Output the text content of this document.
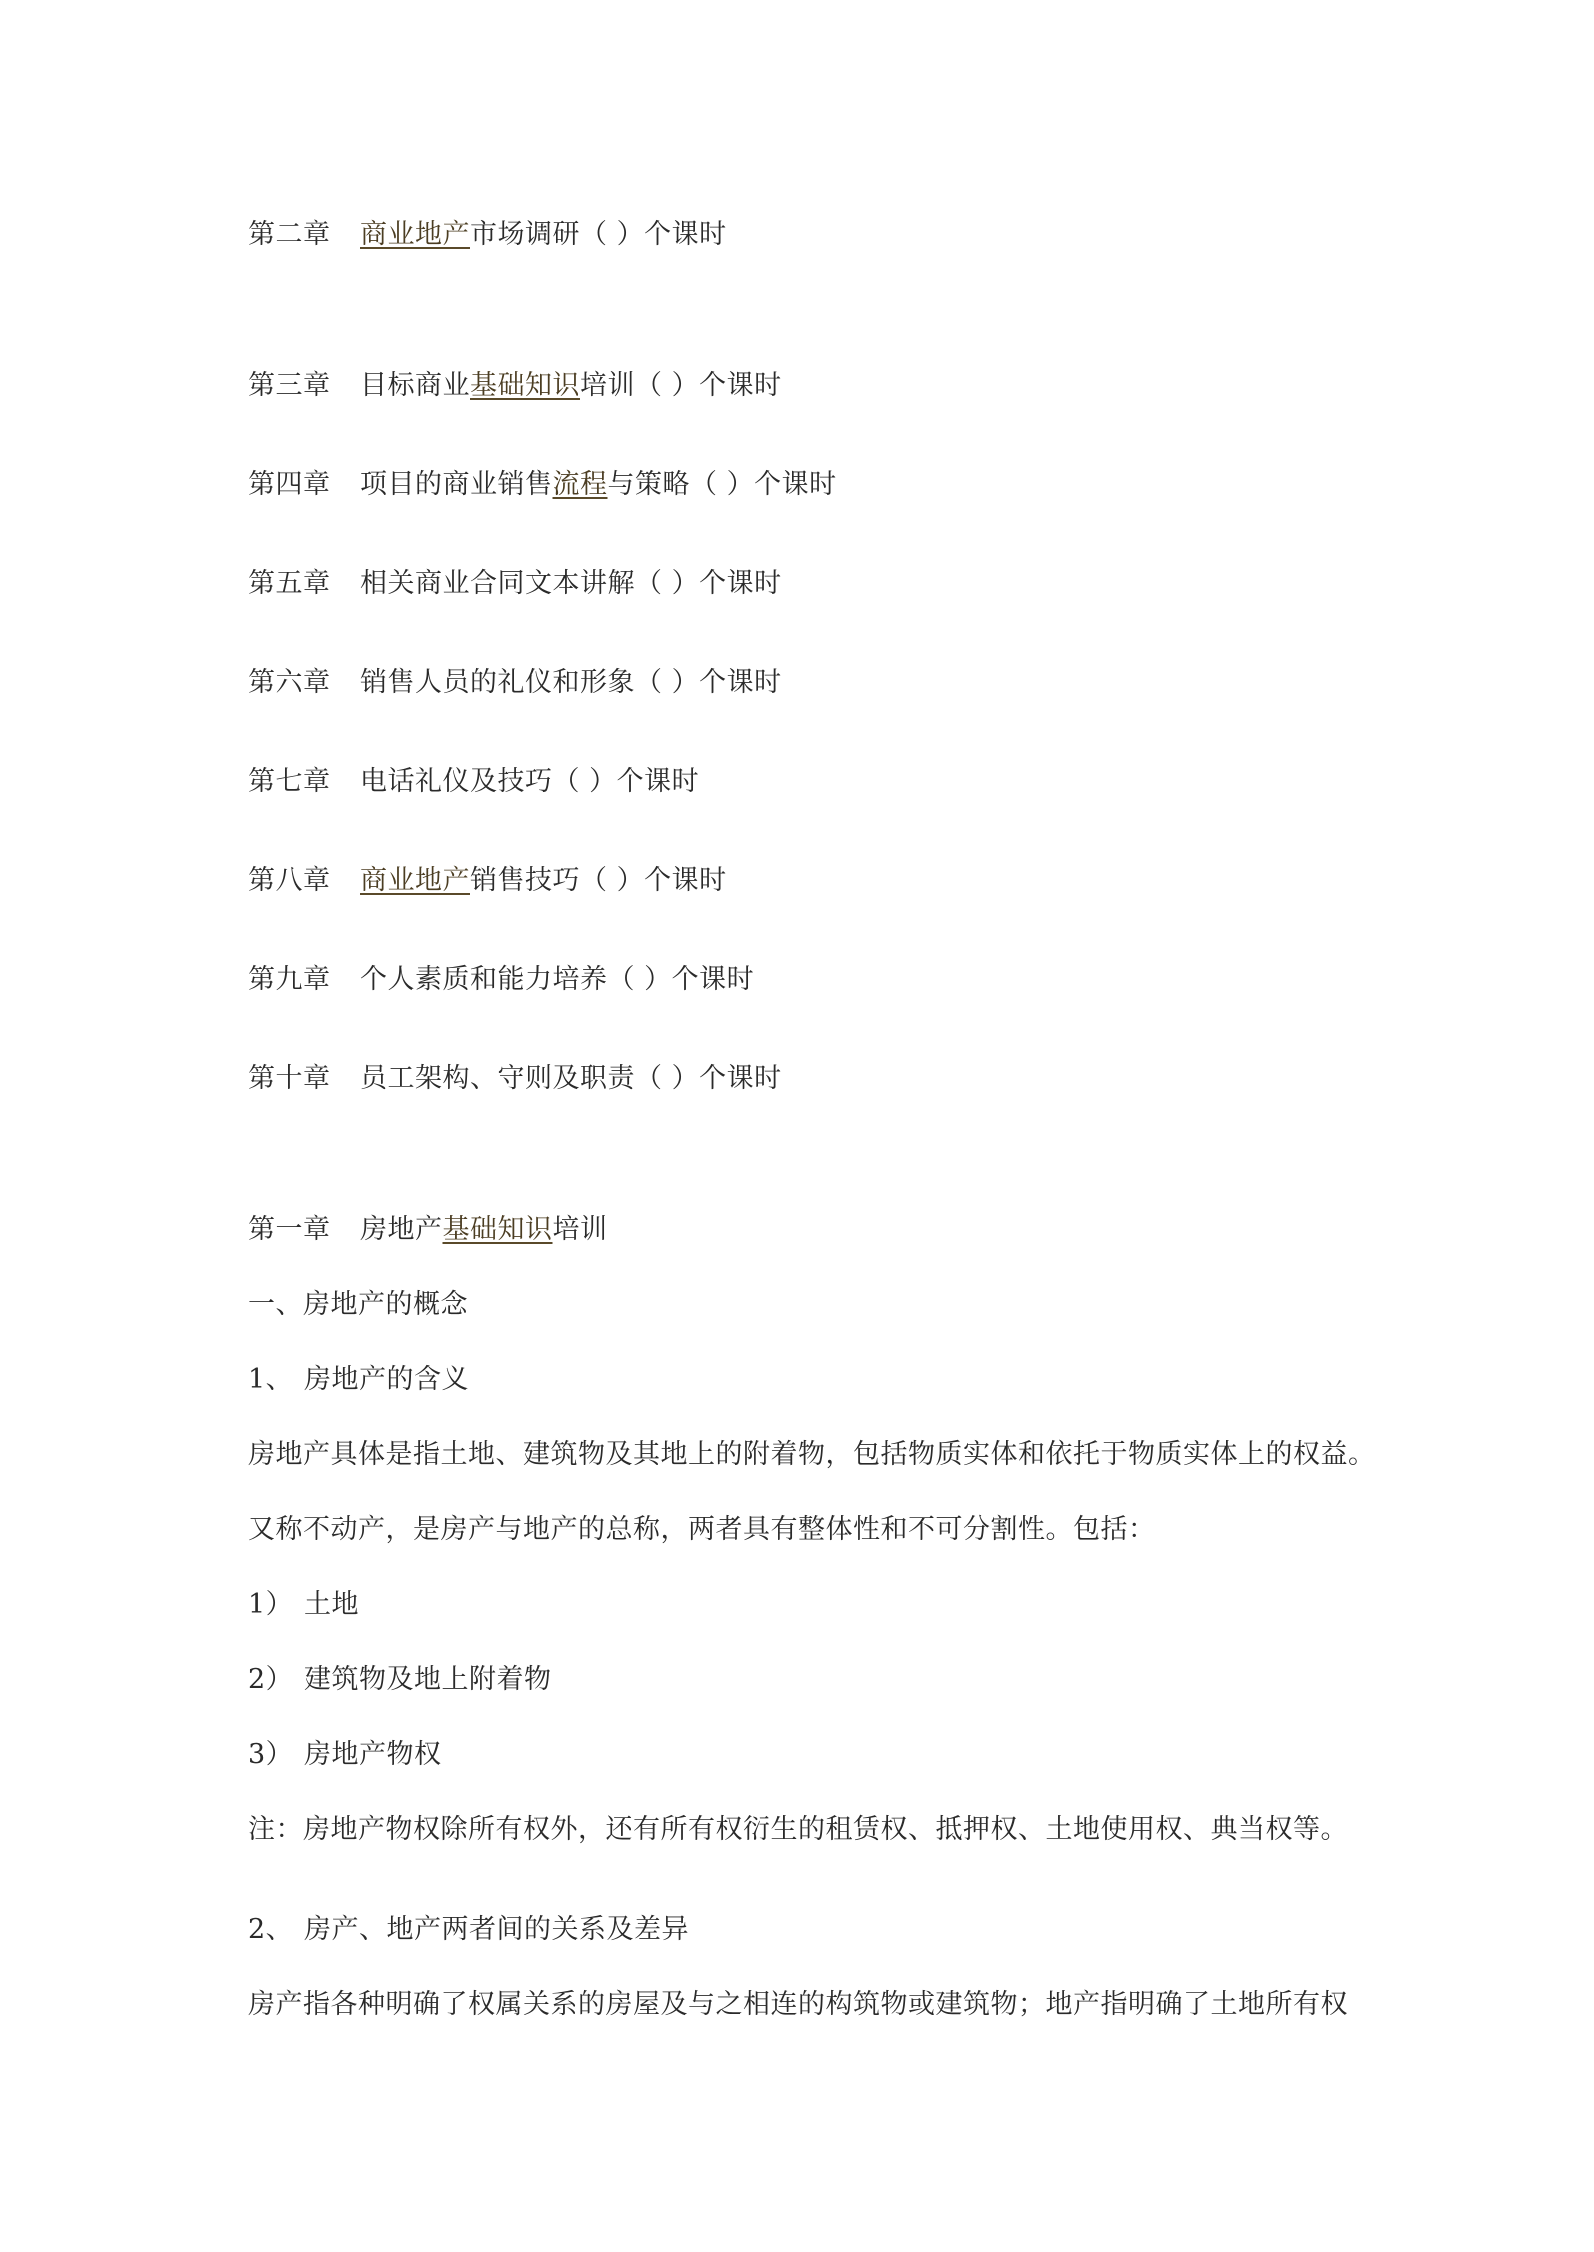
第二章 商业地产市场调研（ ）个课时
第三章 目标商业基础知识培训（ ）个课时
第四章 项目的商业销售流程与策略（ ）个课时
第五章 相关商业合同文本讲解（ ）个课时
第六章 销售人员的礼仪和形象（ ）个课时
第七章 电话礼仪及技巧（ ）个课时
第八章 商业地产销售技巧（ ）个课时
第九章 个人素质和能力培养（ ）个课时
第十章 员工架构、守则及职责（ ）个课时
第一章 房地产基础知识培训
一、房地产的概念
1、 房地产的含义
房地产具体是指土地、建筑物及其地上的附着物，包括物质实体和依托于物质实体上的权益。
又称不动产，是房产与地产的总称，两者具有整体性和不可分割性。包括：
1） 土地
2） 建筑物及地上附着物
3） 房地产物权
注：房地产物权除所有权外，还有所有权衍生的租赁权、抵押权、土地使用权、典当权等。
2、 房产、地产两者间的关系及差异
房产指各种明确了权属关系的房屋及与之相连的构筑物或建筑物；地产指明确了土地所有权
